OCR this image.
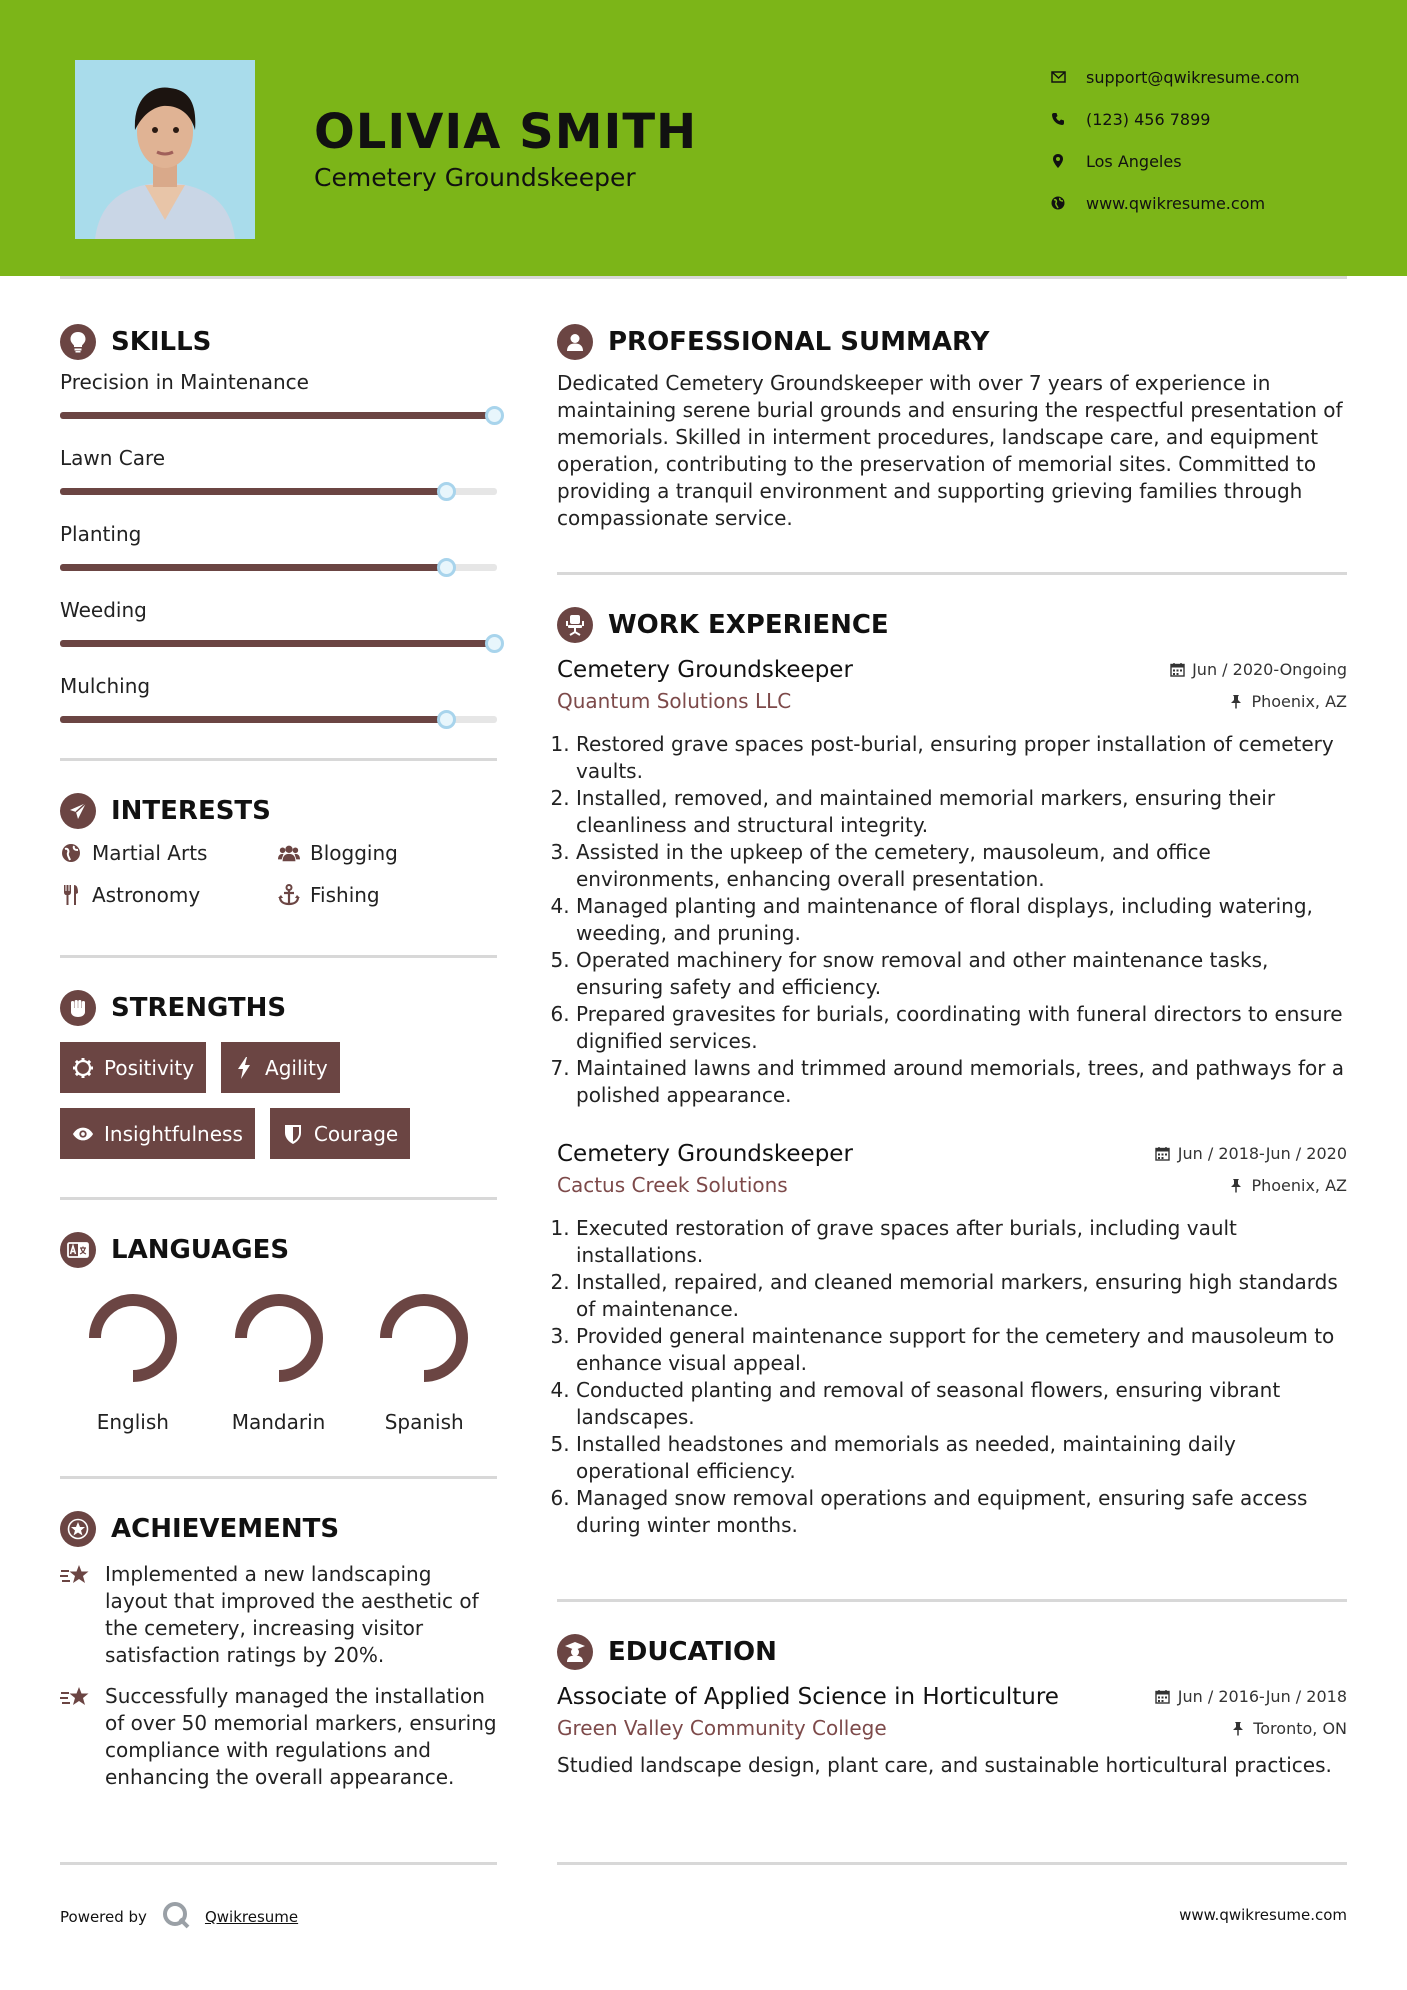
OLIVIA SMITH
Cemetery Groundskeeper
support@qwikresume.com
(123) 456 7899
Los Angeles
www.qwikresume.com
SKILLS
Precision in Maintenance
Lawn Care
Planting
Weeding
Mulching
INTERESTS
Martial Arts	Blogging
Astronomy	Fishing
STRENGTHS
Positivity	Agility
Insightfulness	Courage
LANGUAGES
English	Mandarin	Spanish
ACHIEVEMENTS
Implemented a new landscaping layout that improved the aesthetic of the cemetery, increasing visitor satisfaction ratings by 20%.
Successfully managed the installation of over 50 memorial markers, ensuring compliance with regulations and enhancing the overall appearance.
PROFESSIONAL SUMMARY

Dedicated Cemetery Groundskeeper with over 7 years of experience in maintaining serene burial grounds and ensuring the respectful presentation of memorials. Skilled in interment procedures, landscape care, and equipment operation, contributing to the preservation of memorial sites. Committed to providing a tranquil environment and supporting grieving families through compassionate service.

WORK EXPERIENCE
Cemetery Groundskeeper	Jun / 2020-Ongoing
Quantum Solutions LLC	Phoenix, AZ
1. Restored grave spaces post-burial, ensuring proper installation of cemetery vaults.
2. Installed, removed, and maintained memorial markers, ensuring their cleanliness and structural integrity.
3. Assisted in the upkeep of the cemetery, mausoleum, and office environments, enhancing overall presentation.
4. Managed planting and maintenance of floral displays, including watering, weeding, and pruning.
5. Operated machinery for snow removal and other maintenance tasks, ensuring safety and efficiency.
6. Prepared gravesites for burials, coordinating with funeral directors to ensure dignified services.
7. Maintained lawns and trimmed around memorials, trees, and pathways for a polished appearance.
Cemetery Groundskeeper	Jun / 2018-Jun / 2020
Cactus Creek Solutions	Phoenix, AZ
1. Executed restoration of grave spaces after burials, including vault installations.
2. Installed, repaired, and cleaned memorial markers, ensuring high standards of maintenance.
3. Provided general maintenance support for the cemetery and mausoleum to enhance visual appeal.
4. Conducted planting and removal of seasonal flowers, ensuring vibrant landscapes.
5. Installed headstones and memorials as needed, maintaining daily operational efficiency.
6. Managed snow removal operations and equipment, ensuring safe access during winter months.
EDUCATION
Associate of Applied Science in Horticulture	Jun / 2016-Jun / 2018
Green Valley Community College	Toronto, ON

Studied landscape design, plant care, and sustainable horticultural practices.

Powered by	Qwikresume	www.qwikresume.com
